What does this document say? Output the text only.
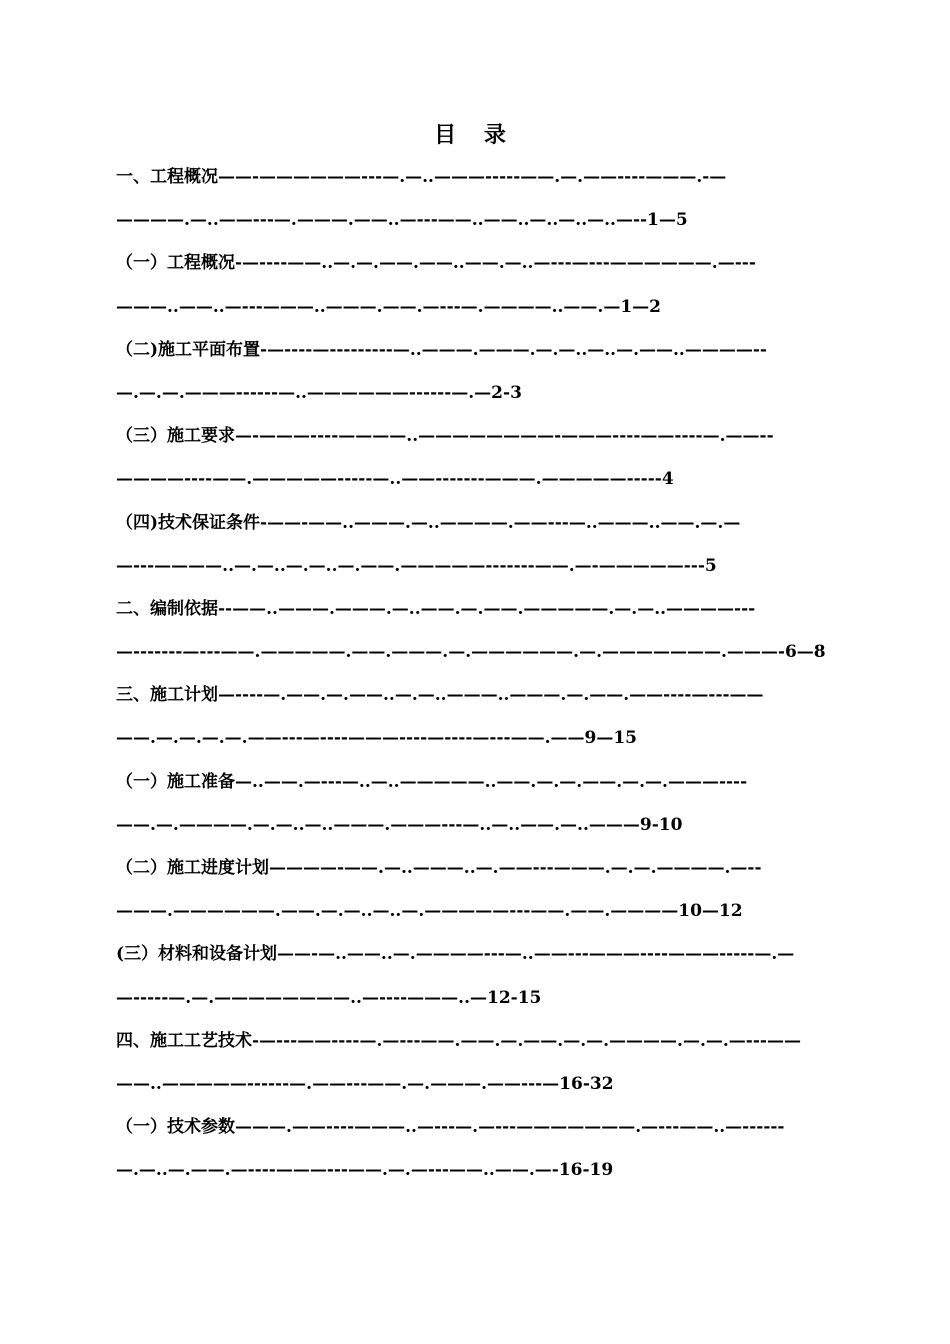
目 录
一、工程概况——-——————---—.—..———-----——.—.——----———.-—
————.—..——---—.———.——..—---——..——..—..—..—..—--1—5
（一）工程概况-—----——..—.—.——.——..——.—..—---—---——————.—---
———..——..—---———..———.——.—---—.————..——.—1—2
（二)施工平面布置-—----—---------—..———.———.—.—..—..—.——..————--
—.—.—.———------—..——————------—.—2-3
（三）施工要求—-———----————..————————-———----——----—.——--
————----——.—————-----—..——-------———.—————-----4
（四)技术保证条件-——-——..———.—..————.——---—..———..——.—.—
—---————..—.—..—.—..—.——.—————-------——.—-—————---5
二、编制依据--——..———.———.—..——.—.——.—————.—.—..————---
—-------—---——.—————.——.———.—.——————.—.———————.———-6—8
三、施工计划—----—.——.—.——..—.—..———..———.—.——.——----—---——
——.—.—.—.—.——---—----———----—----—---——.——9—15
（一）施工准备—..——.—---—..—..—————..——.—.—.——.—.—.———----
——.—.————.—.—..—..———.———---—..—..——.—..———9-10
（二）施工进度计划————-——.—..———..—.——---———.—.—.————.—--
———.——————.——.—.—..—..—.—————---——.——.————10—12
(三）材料和设备计划——-—..——..—.————---—..——---———----———-----—.—
—-----—.—.————————..—----———..—12-15
四、施工工艺技术-—---——----—.—---——.——.—.——.—.—.————.—.—.—---——
——..—————------—.——---——.—.———.——---—16-32
（一）技术参数———.——----———..—---—.—---———————.—---——..—------
—.—..—.——.—----———---——.—.—---——..——.—-16-19
